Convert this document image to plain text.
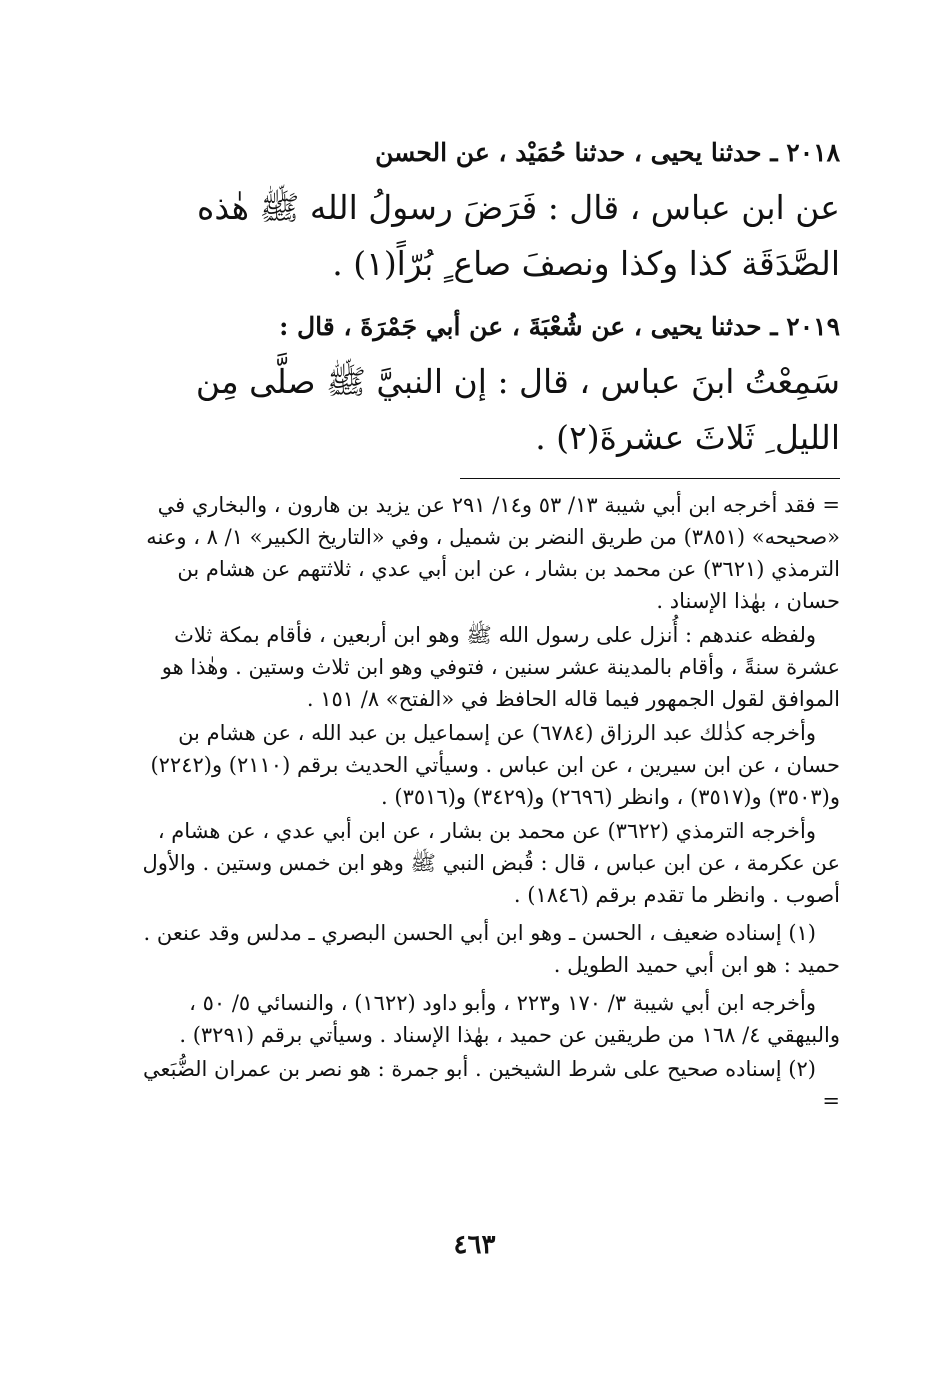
٢٠١٨ ـ حدثنا يحيى ، حدثنا حُمَيْد ، عن الحسن

عن ابن عباس ، قال : فَرَضَ رسولُ الله ﷺ هٰذه الصَّدَقَة كذا وكذا ونصفَ صاع ٍ بُرّاً(١) .

٢٠١٩ ـ حدثنا يحيى ، عن شُعْبَةَ ، عن أبي جَمْرَةَ ، قال :

سَمِعْتُ ابنَ عباس ، قال : إن النبيَّ ﷺ صلَّى مِن الليل ِ ثَلاثَ عشرةَ(٢) .

= فقد أخرجه ابن أبي شيبة ١٣/ ٥٣ و١٤/ ٢٩١ عن يزيد بن هارون ، والبخاري في «صحيحه» (٣٨٥١) من طريق النضر بن شميل ، وفي «التاريخ الكبير» ١/ ٨ ، وعنه الترمذي (٣٦٢١) عن محمد بن بشار ، عن ابن أبي عدي ، ثلاثتهم عن هشام بن حسان ، بهٰذا الإسناد .

ولفظه عندهم : أُنزل على رسول الله ﷺ وهو ابن أربعين ، فأقام بمكة ثلاث عشرة سنةً ، وأقام بالمدينة عشر سنين ، فتوفي وهو ابن ثلاث وستين . وهٰذا هو الموافق لقول الجمهور فيما قاله الحافظ في «الفتح» ٨/ ١٥١ .

وأخرجه كذٰلك عبد الرزاق (٦٧٨٤) عن إسماعيل بن عبد الله ، عن هشام بن حسان ، عن ابن سيرين ، عن ابن عباس . وسيأتي الحديث برقم (٢١١٠) و(٢٢٤٢) و(٣٥٠٣) و(٣٥١٧) ، وانظر (٢٦٩٦) و(٣٤٢٩) و(٣٥١٦) .

وأخرجه الترمذي (٣٦٢٢) عن محمد بن بشار ، عن ابن أبي عدي ، عن هشام ، عن عكرمة ، عن ابن عباس ، قال : قُبض النبي ﷺ وهو ابن خمس وستين . والأول أصوب . وانظر ما تقدم برقم (١٨٤٦) .

(١) إسناده ضعيف ، الحسن ـ وهو ابن أبي الحسن البصري ـ مدلس وقد عنعن . حميد : هو ابن أبي حميد الطويل .

وأخرجه ابن أبي شيبة ٣/ ١٧٠ و٢٢٣ ، وأبو داود (١٦٢٢) ، والنسائي ٥/ ٥٠ ، والبيهقي ٤/ ١٦٨ من طريقين عن حميد ، بهٰذا الإسناد . وسيأتي برقم (٣٢٩١) .

(٢) إسناده صحيح على شرط الشيخين . أبو جمرة : هو نصر بن عمران الضُّبَعي =

٤٦٣
